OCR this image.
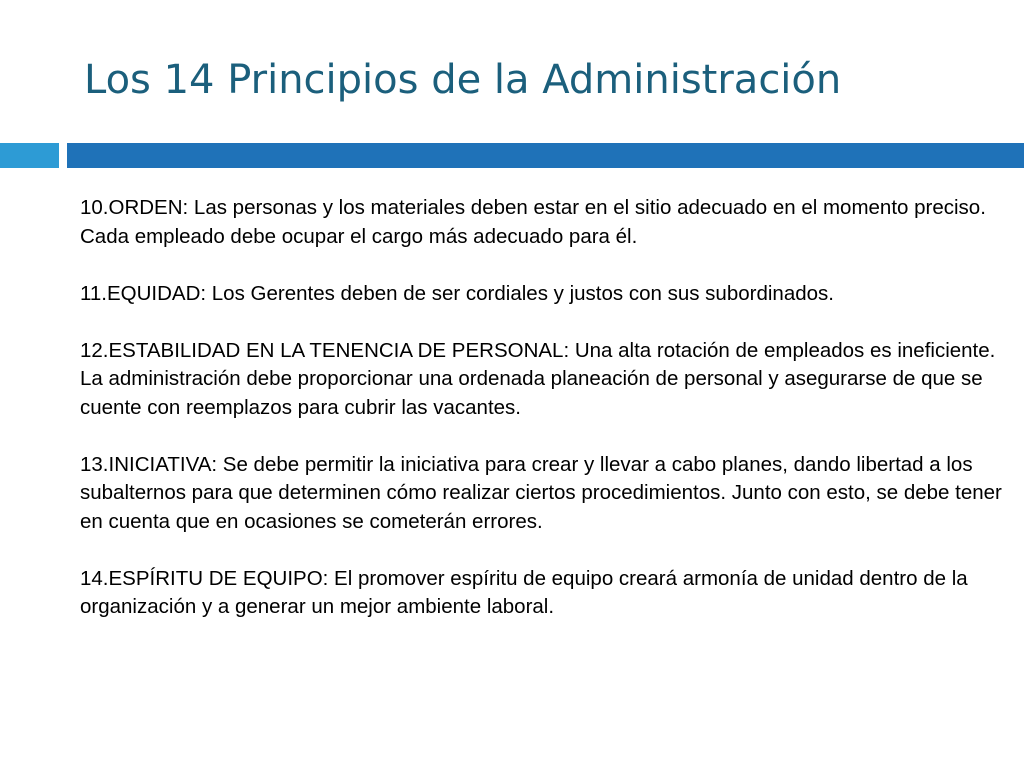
Los 14 Principios de la Administración

10.ORDEN: Las personas y los materiales deben estar en el sitio adecuado en el momento preciso. Cada empleado debe ocupar el cargo más adecuado para él.

11.EQUIDAD: Los Gerentes deben de ser cordiales y justos con sus subordinados.

12.ESTABILIDAD EN LA TENENCIA DE PERSONAL: Una alta rotación de empleados es ineficiente. La administración debe proporcionar una ordenada planeación de personal y asegurarse de que se cuente con reemplazos para cubrir las vacantes.

13.INICIATIVA: Se debe permitir la iniciativa para crear y llevar a cabo planes, dando libertad a los subalternos para que determinen cómo realizar ciertos procedimientos. Junto con esto, se debe tener en cuenta que en ocasiones se cometerán errores.

14.ESPÍRITU DE EQUIPO: El promover espíritu de equipo creará armonía de unidad dentro de la organización y a generar un mejor ambiente laboral.
